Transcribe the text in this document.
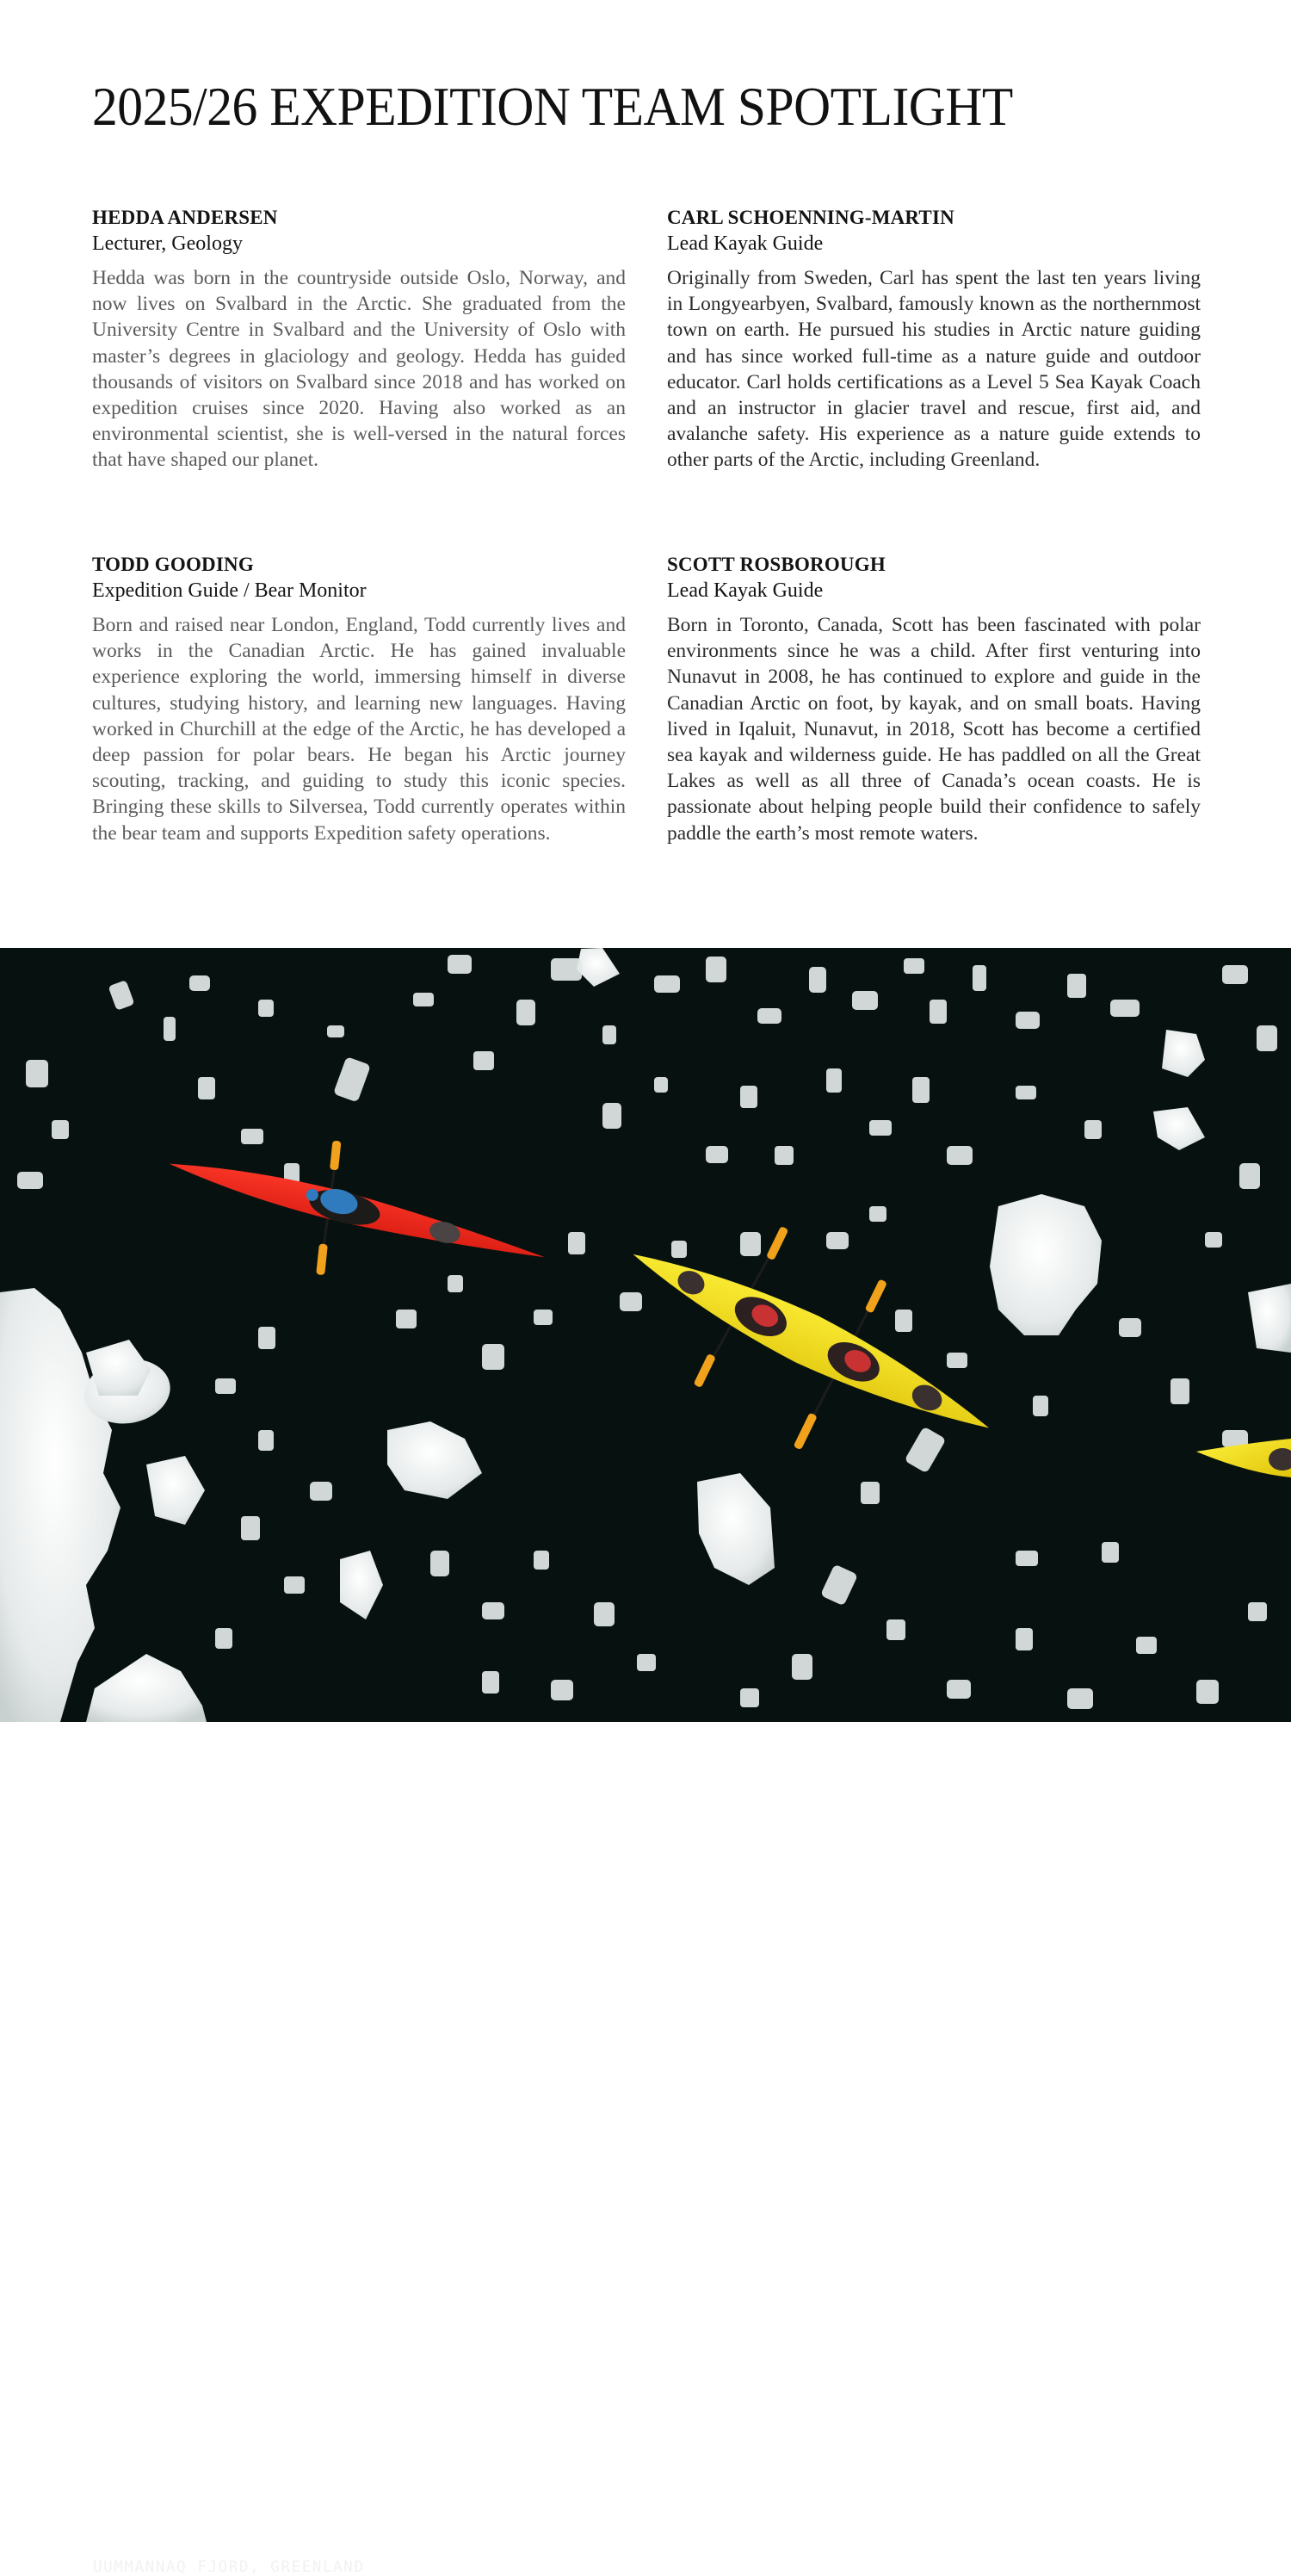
2025/26 EXPEDITION TEAM SPOTLIGHT
HEDDA ANDERSEN
Lecturer, Geology

Hedda was born in the countryside outside Oslo, Norway, and now lives on Svalbard in the Arctic. She graduated from the University Centre in Svalbard and the University of Oslo with master’s degrees in glaciology and geology. Hedda has guided thousands of visitors on Svalbard since 2018 and has worked on expedition cruises since 2020. Having also worked as an environmental scientist, she is well-versed in the natural forces that have shaped our planet.

CARL SCHOENNING-MARTIN
Lead Kayak Guide

Originally from Sweden, Carl has spent the last ten years living in Longyearbyen, Svalbard, famously known as the northernmost town on earth. He pursued his studies in Arctic nature guiding and has since worked full-time as a nature guide and outdoor educator. Carl holds certifications as a Level 5 Sea Kayak Coach and an instructor in glacier travel and rescue, first aid, and avalanche safety. His experience as a nature guide extends to other parts of the Arctic, including Greenland.

TODD GOODING
Expedition Guide / Bear Monitor

Born and raised near London, England, Todd currently lives and works in the Canadian Arctic. He has gained invaluable experience exploring the world, immersing himself in diverse cultures, studying history, and learning new languages. Having worked in Churchill at the edge of the Arctic, he has developed a deep passion for polar bears. He began his Arctic journey scouting, tracking, and guiding to study this iconic species. Bringing these skills to Silversea, Todd currently operates within the bear team and supports Expedition safety operations.

SCOTT ROSBOROUGH
Lead Kayak Guide

Born in Toronto, Canada, Scott has been fascinated with polar environments since he was a child. After first venturing into Nunavut in 2008, he has continued to explore and guide in the Canadian Arctic on foot, by kayak, and on small boats. Having lived in Iqaluit, Nunavut, in 2018, Scott has become a certified sea kayak and wilderness guide. He has paddled on all the Great Lakes as well as all three of Canada’s ocean coasts. He is passionate about helping people build their confidence to safely paddle the earth’s most remote waters.

UUMMANNAQ FJORD, GREENLAND
